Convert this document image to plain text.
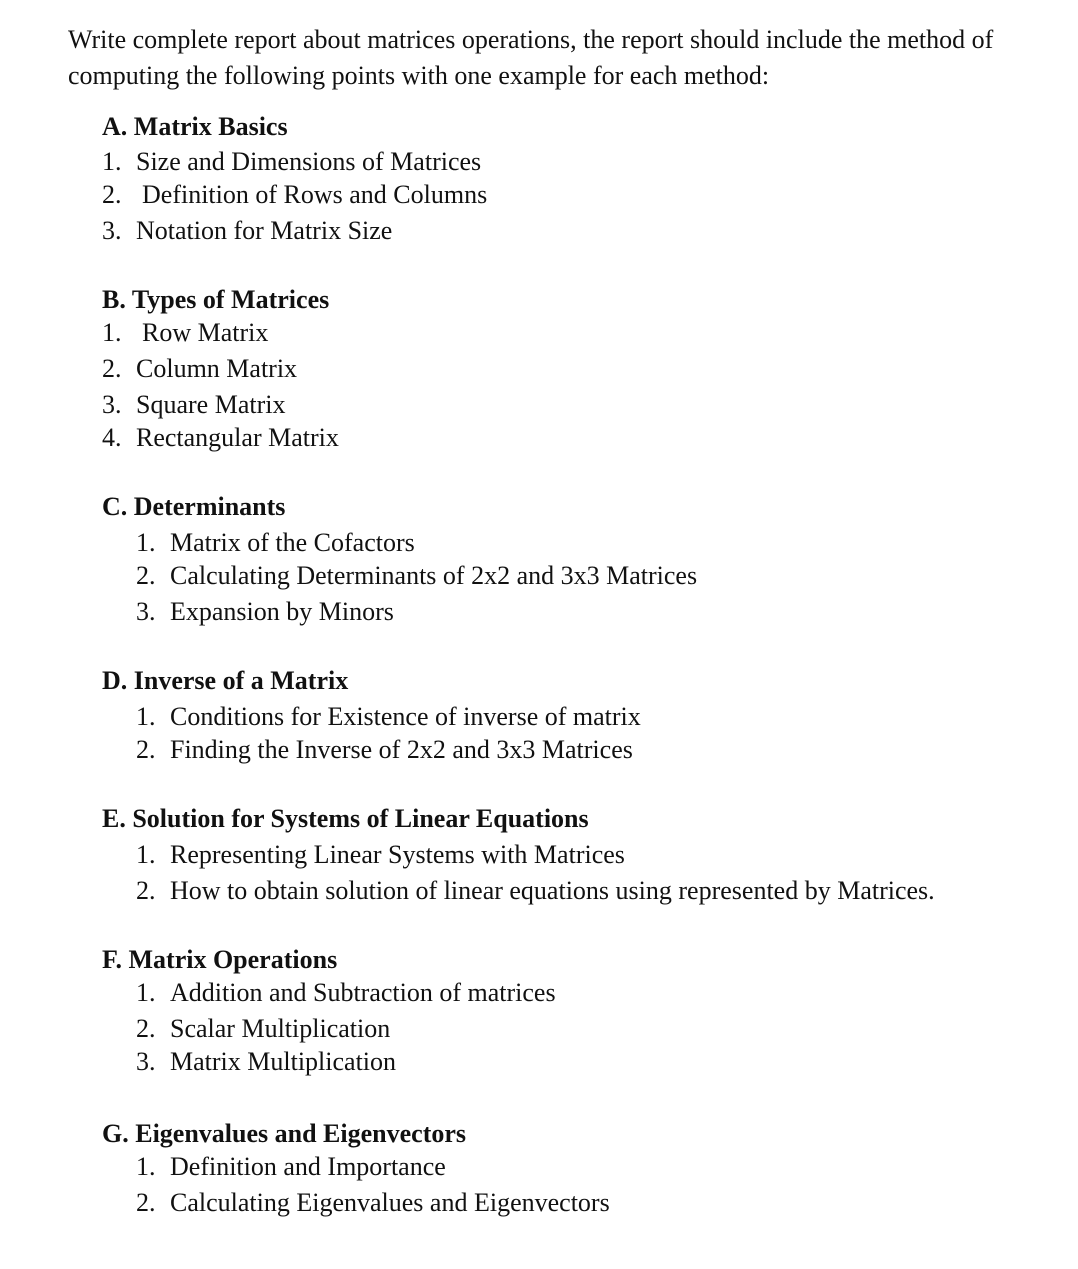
Write complete report about matrices operations, the report should include the method of computing the following points with one example for each method:

A. Matrix Basics
1. Size and Dimensions of Matrices
2. Definition of Rows and Columns
3. Notation for Matrix Size
B. Types of Matrices
1. Row Matrix
2. Column Matrix
3. Square Matrix
4. Rectangular Matrix
C. Determinants
1. Matrix of the Cofactors
2. Calculating Determinants of 2x2 and 3x3 Matrices
3. Expansion by Minors
D. Inverse of a Matrix
1. Conditions for Existence of inverse of matrix
2. Finding the Inverse of 2x2 and 3x3 Matrices
E. Solution for Systems of Linear Equations
1. Representing Linear Systems with Matrices
2. How to obtain solution of linear equations using represented by Matrices.
F. Matrix Operations
1. Addition and Subtraction of matrices
2. Scalar Multiplication
3. Matrix Multiplication
G. Eigenvalues and Eigenvectors
1. Definition and Importance
2. Calculating Eigenvalues and Eigenvectors
